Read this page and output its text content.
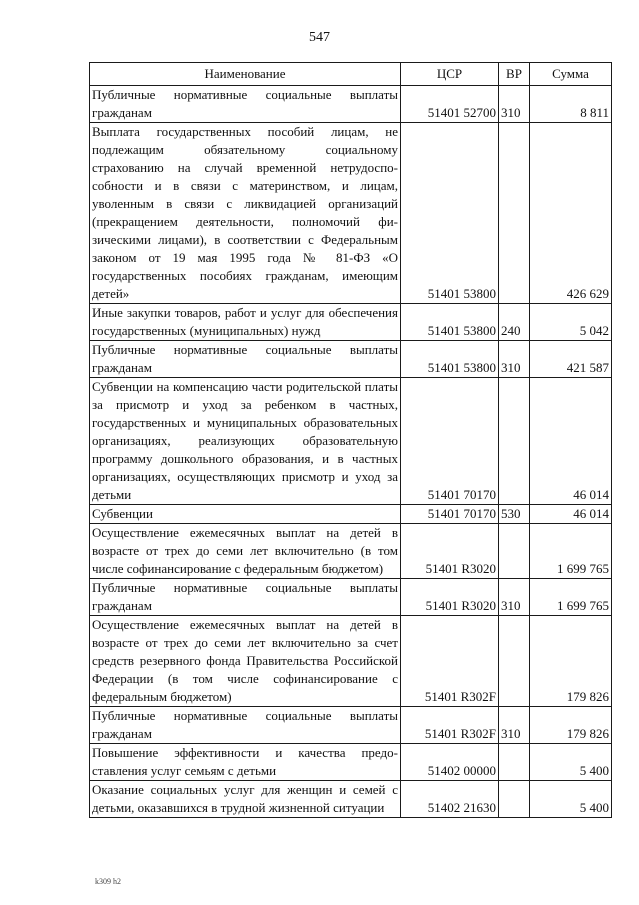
547
Наименование	ЦСР	ВР	Сумма
Публичные нормативные социальные выплаты гражданам	51401 52700	310	8 811
Выплата государственных пособий лицам, не подлежащим обязательному социальному страхованию на случай временной нетрудоспособности и в связи с материнством, и лицам, уволенным в связи с ликвидацией организаций (прекращением деятельности, полномочий физическими лицами), в соответствии с Федеральным законом от 19 мая 1995 года № 81-ФЗ «О государственных пособиях гражданам, имеющим детей»	51401 53800		426 629
Иные закупки товаров, работ и услуг для обеспечения государственных (муниципальных) нужд	51401 53800	240	5 042
Публичные нормативные социальные выплаты гражданам	51401 53800	310	421 587
Субвенции на компенсацию части родительской платы за присмотр и уход за ребенком в частных, государственных и муниципальных образовательных организациях, реализующих образовательную программу дошкольного образования, и в частных организациях, осуществляющих присмотр и уход за детьми	51401 70170		46 014
Субвенции	51401 70170	530	46 014
Осуществление ежемесячных выплат на детей в возрасте от трех до семи лет включительно (в том числе софинансирование с федеральным бюджетом)	51401 R3020		1 699 765
Публичные нормативные социальные выплаты гражданам	51401 R3020	310	1 699 765
Осуществление ежемесячных выплат на детей в возрасте от трех до семи лет включительно за счет средств резервного фонда Правительства Российской Федерации (в том числе софинансирование с федеральным бюджетом)	51401 R302F		179 826
Публичные нормативные социальные выплаты гражданам	51401 R302F	310	179 826
Повышение эффективности и качества предоставления услуг семьям с детьми	51402 00000		5 400
Оказание социальных услуг для женщин и семей с детьми, оказавшихся в трудной жизненной ситуации	51402 21630		5 400
k309 h2
